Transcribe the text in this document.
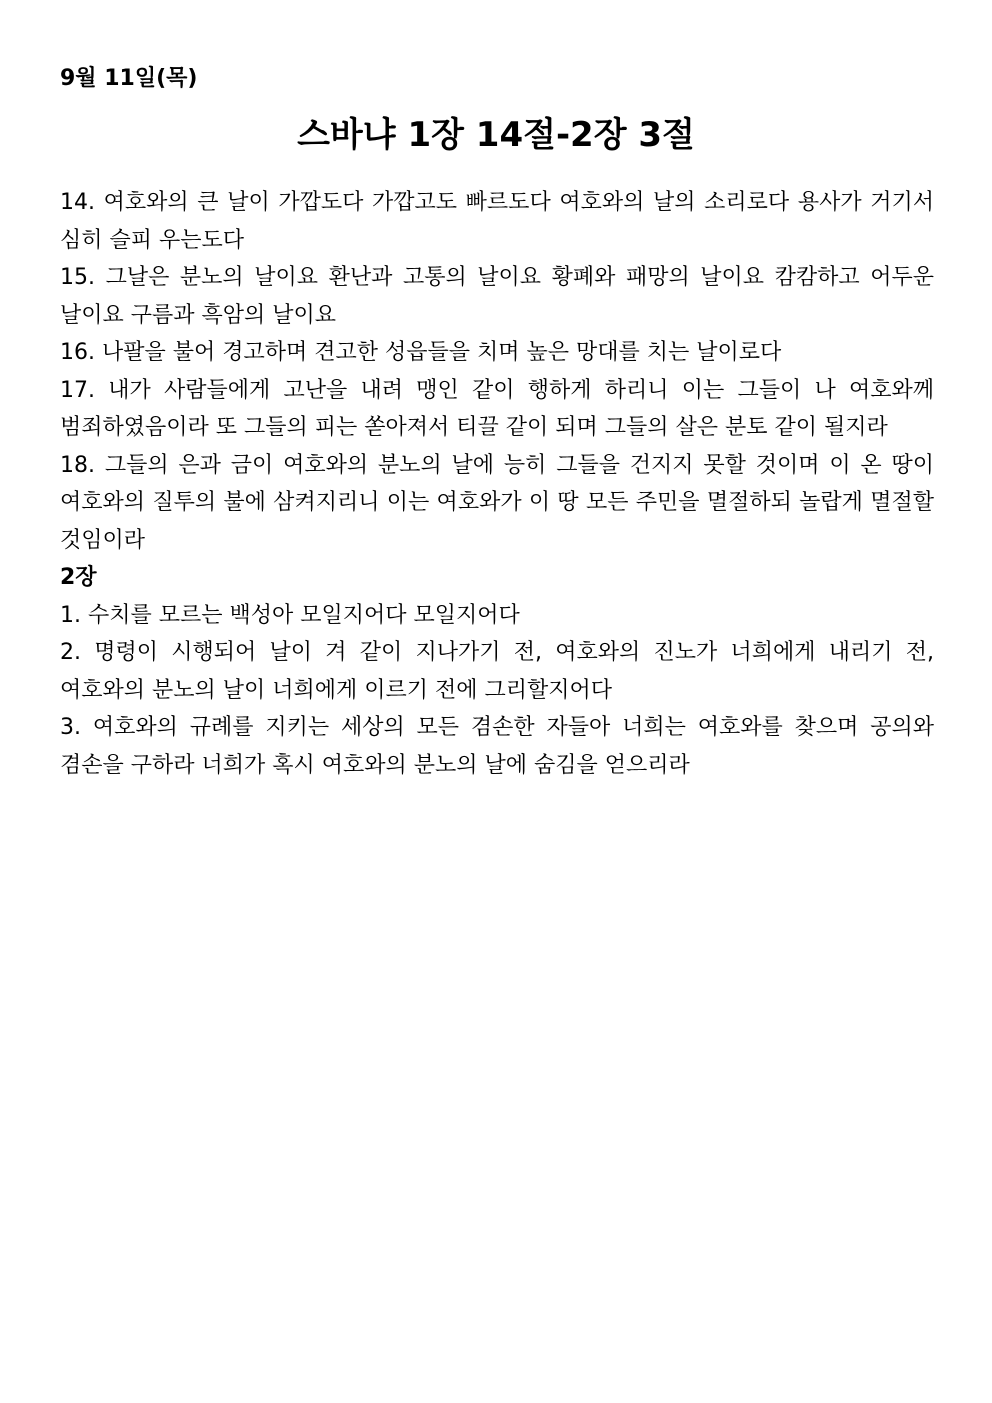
9월 11일(목)
스바냐 1장 14절-2장 3절

14. 여호와의 큰 날이 가깝도다 가깝고도 빠르도다 여호와의 날의 소리로다 용사가 거기서 심히 슬피 우는도다

15. 그날은 분노의 날이요 환난과 고통의 날이요 황폐와 패망의 날이요 캄캄하고 어두운 날이요 구름과 흑암의 날이요

16. 나팔을 불어 경고하며 견고한 성읍들을 치며 높은 망대를 치는 날이로다

17. 내가 사람들에게 고난을 내려 맹인 같이 행하게 하리니 이는 그들이 나 여호와께 범죄하였음이라 또 그들의 피는 쏟아져서 티끌 같이 되며 그들의 살은 분토 같이 될지라

18. 그들의 은과 금이 여호와의 분노의 날에 능히 그들을 건지지 못할 것이며 이 온 땅이 여호와의 질투의 불에 삼켜지리니 이는 여호와가 이 땅 모든 주민을 멸절하되 놀랍게 멸절할 것임이라

2장

1. 수치를 모르는 백성아 모일지어다 모일지어다

2. 명령이 시행되어 날이 겨 같이 지나가기 전, 여호와의 진노가 너희에게 내리기 전, 여호와의 분노의 날이 너희에게 이르기 전에 그리할지어다

3. 여호와의 규례를 지키는 세상의 모든 겸손한 자들아 너희는 여호와를 찾으며 공의와 겸손을 구하라 너희가 혹시 여호와의 분노의 날에 숨김을 얻으리라
